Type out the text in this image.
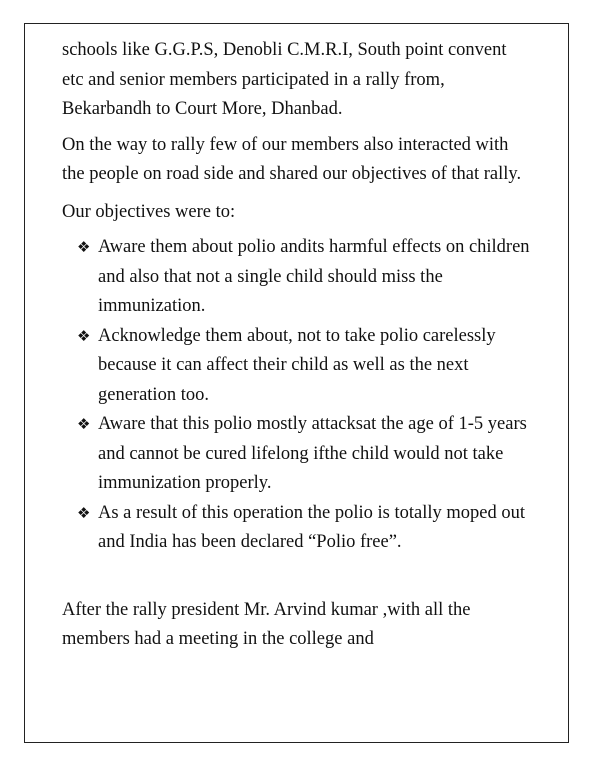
schools like G.G.P.S, Denobli C.M.R.I, South point convent etc and senior members participated in a rally from, Bekarbandh to Court More, Dhanbad.

On the way to rally few of our members also interacted with the people on road side and shared our objectives of that rally.

Our objectives were to:

❖ Aware them about polio andits harmful effects on children and also that not a single child should miss the immunization.
❖ Acknowledge them about, not to take polio carelessly because it can affect their child as well as the next generation too.
❖ Aware that this polio mostly attacksat the age of 1-5 years and cannot be cured lifelong ifthe child would not take immunization properly.
❖ As a result of this operation the polio is totally moped out and India has been declared “Polio free”.

After the rally president Mr. Arvind kumar ,with all the members had a meeting in the college and
